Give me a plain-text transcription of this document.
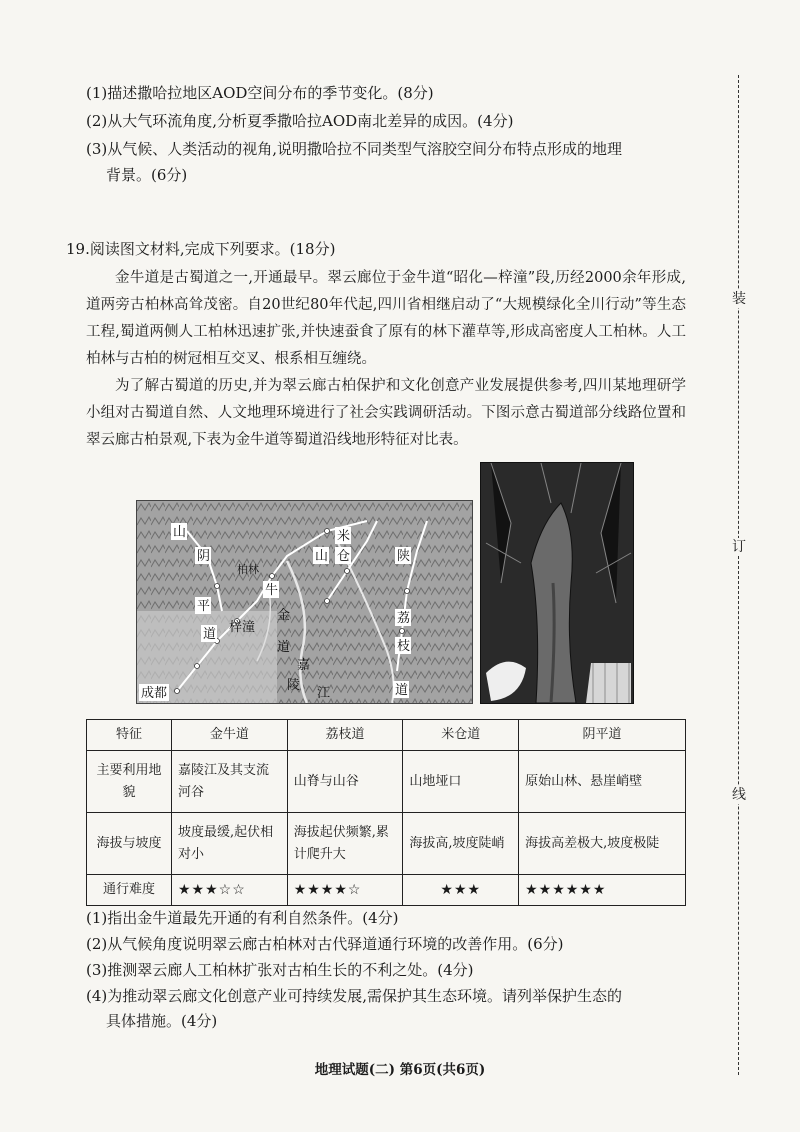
(1)描述撒哈拉地区AOD空间分布的季节变化。(8分)
(2)从大气环流角度,分析夏季撒哈拉AOD南北差异的成因。(4分)
(3)从气候、人类活动的视角,说明撒哈拉不同类型气溶胶空间分布特点形成的地理
背景。(6分)
19.阅读图文材料,完成下列要求。(18分)
金牛道是古蜀道之一,开通最早。翠云廊位于金牛道“昭化—梓潼”段,历经2000余年形成,道两旁古柏林高耸茂密。自20世纪80年代起,四川省相继启动了“大规模绿化全川行动”等生态工程,蜀道两侧人工柏林迅速扩张,并快速蚕食了原有的林下灌草等,形成高密度人工柏林。人工柏林与古柏的树冠相互交叉、根系相互缠绕。
为了解古蜀道的历史,并为翠云廊古柏保护和文化创意产业发展提供参考,四川某地理研学小组对古蜀道自然、人文地理环境进行了社会实践调研活动。下图示意古蜀道部分线路位置和翠云廊古柏景观,下表为金牛道等蜀道沿线地形特征对比表。
山
阴
平
道
柏林
牛
金
梓潼
道
米
仓
山	陕
嘉
陵
荔
枝
江	道
成都
特征	金牛道	荔枝道	米仓道	阴平道
主要利用地貌	嘉陵江及其支流河谷	山脊与山谷	山地垭口	原始山林、悬崖峭壁
海拔与坡度	坡度最缓,起伏相对小	海拔起伏频繁,累计爬升大	海拔高,坡度陡峭	海拔高差极大,坡度极陡
通行难度	★★★☆☆	★★★★☆	★★★	★★★★★★
(1)指出金牛道最先开通的有利自然条件。(4分)
(2)从气候角度说明翠云廊古柏林对古代驿道通行环境的改善作用。(6分)
(3)推测翠云廊人工柏林扩张对古柏生长的不利之处。(4分)
(4)为推动翠云廊文化创意产业可持续发展,需保护其生态环境。请列举保护生态的
具体措施。(4分)
装
订
线
地理试题(二) 第6页(共6页)
